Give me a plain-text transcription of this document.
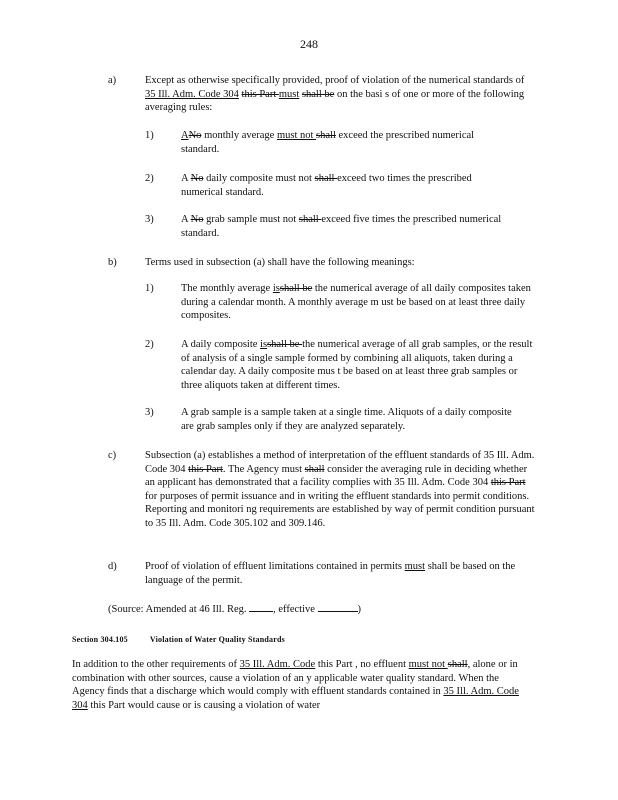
248
a)	Except as otherwise specifically provided, proof of violation of the numerical standards of 35 Ill. Adm. Code 304 this Part must shall be on the basi s of one or more of the following averaging rules:
1)	ANo monthly average must not shall exceed the prescribed numerical standard.
2)	A No daily composite must not shall exceed two times the prescribed numerical standard.
3)	A No grab sample must not shall exceed five times the prescribed numerical standard.
b)	Terms used in subsection (a) shall have the following meanings:
1)	The monthly average isshall be the numerical average of all daily composites taken during a calendar month. A monthly average m ust be based on at least three daily composites.
2)	A daily composite isshall be the numerical average of all grab samples, or the result of analysis of a single sample formed by combining all aliquots, taken during a calendar day. A daily composite mus t be based on at least three grab samples or three aliquots taken at different times.
3)	A grab sample is a sample taken at a single time. Aliquots of a daily composite are grab samples only if they are analyzed separately.
c)	Subsection (a) establishes a method of interpretation of the effluent standards of 35 Ill. Adm. Code 304 this Part. The Agency must shall consider the averaging rule in deciding whether an applicant has demonstrated that a facility complies with 35 Ill. Adm. Code 304 this Part for purposes of permit issuance and in writing the effluent standards into permit conditions. Reporting and monitori ng requirements are established by way of permit condition pursuant to 35 Ill. Adm. Code 305.102 and 309.146.
d)	Proof of violation of effluent limitations contained in permits must shall be based on the language of the permit.
(Source: Amended at 46 Ill. Reg. , effective	)
Section 304.105	Violation of Water Quality Standards
In addition to the other requirements of 35 Ill. Adm. Code this Part , no effluent must not shall, alone or in combination with other sources, cause a violation of an y applicable water quality standard. When the Agency finds that a discharge which would comply with effluent standards contained in 35 Ill. Adm. Code 304 this Part would cause or is causing a violation of water
